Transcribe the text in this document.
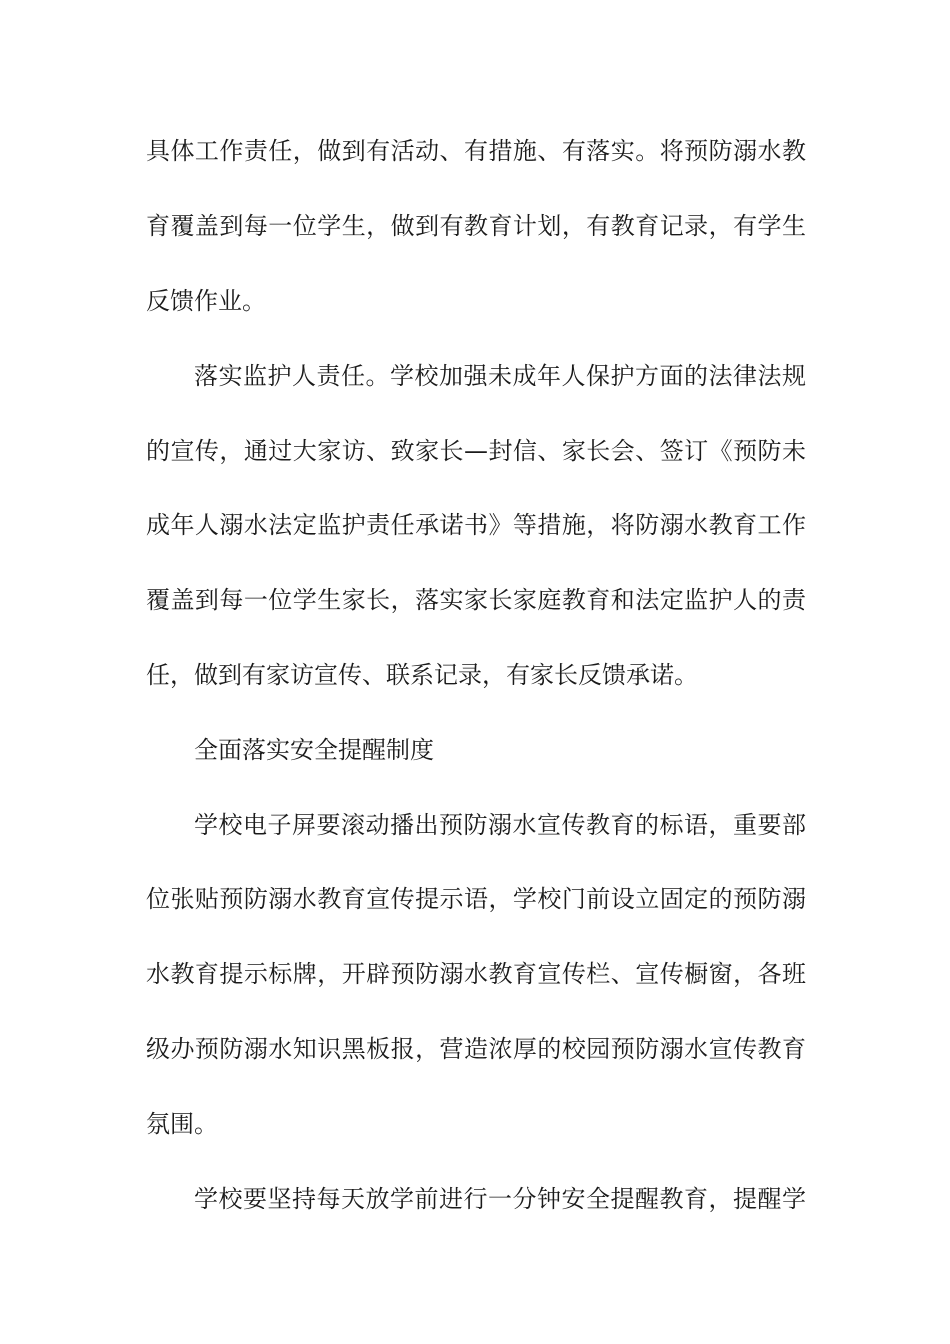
具体工作责任，做到有活动、有措施、有落实。将预防溺水教
育覆盖到每一位学生，做到有教育计划，有教育记录，有学生
反馈作业。
落实监护人责任。学校加强未成年人保护方面的法律法规
的宣传，通过大家访、致家长—封信、家长会、签订《预防未
成年人溺水法定监护责任承诺书》等措施，将防溺水教育工作
覆盖到每一位学生家长，落实家长家庭教育和法定监护人的责
任，做到有家访宣传、联系记录，有家长反馈承诺。
全面落实安全提醒制度
学校电子屏要滚动播出预防溺水宣传教育的标语，重要部
位张贴预防溺水教育宣传提示语，学校门前设立固定的预防溺
水教育提示标牌，开辟预防溺水教育宣传栏、宣传橱窗，各班
级办预防溺水知识黑板报，营造浓厚的校园预防溺水宣传教育
氛围。
学校要坚持每天放学前进行一分钟安全提醒教育，提醒学
